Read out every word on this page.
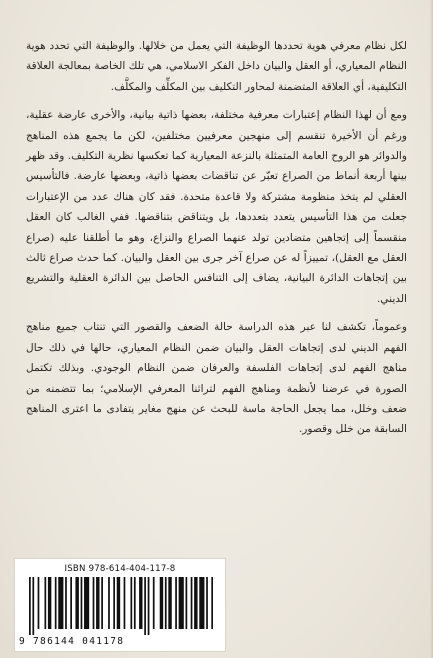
لكل نظام معرفي هوية تحددها الوظيفة التي يعمل من خلالها. والوظيفة التي تحدد هوية النظام المعياري، أو العقل والبيان داخل الفكر الاسلامي، هي تلك الخاصة بمعالجة العلاقة التكليفية، أي العلاقة المتضمنة لمحاور التكليف بين المكلِّف والمكلَّف.

ومع أن لهذا النظام إعتبارات معرفية مختلفة، بعضها ذاتية بيانية، والأخرى عارضة عقلية، ورغم أن الأخيرة تنقسم إلى منهجين معرفيين مختلفين، لكن ما يجمع هذه المناهج والدوائر هو الروح العامة المتمثلة بالنزعة المعيارية كما تعكسها نظرية التكليف. وقد ظهر بينها أربعة أنماط من الصراع تعبّر عن تناقضات بعضها ذاتية، وبعضها عارضة. فالتأسيس العقلي لم يتخذ منظومة مشتركة ولا قاعدة متحدة. فقد كان هناك عدد من الإعتبارات جعلت من هذا التأسيس يتعدد بتعددها، بل ويتناقض بتناقضها. ففي الغالب كان العقل منقسماً إلى إتجاهين متضادين تولد عنهما الصراع والنزاع، وهو ما أطلقنا عليه (صراع العقل مع العقل)، تمييزاً له عن صراع آخر جرى بين العقل والبيان. كما حدث صراع ثالث بين إتجاهات الدائرة البيانية، يضاف إلى التنافس الحاصل بين الدائرة العقلية والتشريع الديني.

وعموماً، تكشف لنا عبر هذه الدراسة حالة الضعف والقصور التي تنتاب جميع مناهج الفهم الديني لدى إتجاهات العقل والبيان ضمن النظام المعياري، حالها في ذلك حال مناهج الفهم لدى إتجاهات الفلسفة والعرفان ضمن النظام الوجودي. وبذلك تكتمل الصورة في عرضنا لأنظمة ومناهج الفهم لتراثنا المعرفي الإسلامي؛ بما تتضمنه من ضعف وخلل، مما يجعل الحاجة ماسة للبحث عن منهج مغاير يتفادى ما اعترى المناهج السابقة من خلل وقصور.

ISBN 978-614-404-117-8
9 786144 041178
